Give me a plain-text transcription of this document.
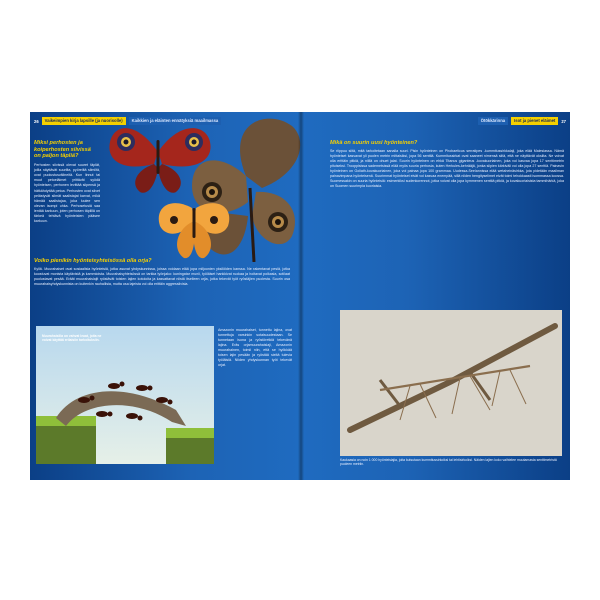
26	Vaikeimpien kirja lapsille (ja nuorisolle)	Kaikkien ja eläinten ennätyksiä maailmassa	Ötökkärinna	Isot ja pienet eläimet	27
Miksi perhosten ja koiperhosten siivissä on paljon täpliä?

Perhosten siivissä olevat suuret täplät, joilla näyttävät suurilta, pyöreiltä silmiltä, ovat puolustusvälineitä. Kun linnut tai muut petoeläimet yrittävät syödä hyönteisen, perhonen levittää siipensä ja hätkähdyttää petoa. Perhosten ovat siivet pelästyvät silmät saalistajat karvat, mikä hämää saalistajaa, joka luulee sen olevan isompi uhka. Perhosetusiä saa lentää karkuun, joten perhosen täplillä on tärkeä tehtävä hyönteisten pääsee karkuun.

Voiko pienikin hyönteisyhteisössä olla orja?

Kyllä. Muurahaiset ovat sosiaalisia hyönteisiä, jotka asuvat yhdyskunnissa, joissa voidaan elää jopa miljoonien yksilöiden kanssa. Ne rakentavat pesiä, jotka koostuvat monista käytävistä ja kammioista. Muurahaisyhteisössä on tarkka työnjako: kuningatar munii, työläiset hankkivat ruokaa ja hoitavat poikasia, sotilaat puolustavat pesää. Eräät muurahaislajit ryöstävät toisten lajien kotoloita ja kasvattavat niistä itselleen orjia, jotka tekevät työt ryöstäjien puolesta. Suurin osa muurahaisyhdyskunnista on kuitenkin rauhallisia, mutta osa lajeista voi olla erittäin aggressiivisia.

Muurahaisilla on vahvat leuat, joita ne voivat käyttää erilaisiin tarkoituksiin.

Amazonin muurahaiset, tunnettu lajina, ovat tunnettuja varsinkin sotaisuudestaan. Se tunnetaan isona ja ryöstöretkiä tekevänä lajina. Eräs orjamuurahaislaji, Amazonin muurahainen, toimii niin, että se hyökkää toisen lajin pesään ja ryöstää sieltä tulevia työläisiä. Niiden yhdyskunnan työt tekevät orjat.

Mikä on suurin uusi hyönteinen?

Se riippuu siitä, mitä tarkoitetaan sanalla suuri. Pisin hyönteinen on Phobaeticus serratipes -kummitussirkkalaji, joka elää Malesiassa. Nämä hyönteiset kasvavat yli puolen metrin mittaisiksi, jopa 56 senttiä. Kummitussirkat ovat saaneet nimensä siitä, että ne näyttävät oksilta. Ne voivat olla erittäin pitkiä, ja niillä on ohuet jalat. Suurin hyönteinen on ehkä Titanus giganteus -kovakuoriainen, joka voi kasvaa jopa 17 senttimetrin pituiseksi. Trooppisissa sademetsissä elää myös suuria perhosia, kuten Herkules-kehrääjä, jonka siipien kärkiväli voi olla jopa 27 senttiä. Painavin hyönteinen on Goliath-kovakuoriainen, joka voi painaa jopa 100 grammaa. Uudessa-Seelannissa elää wetaheinäsirkka, jota pidetään maailman painavimpana hyönteisenä. Suurimmat hyönteiset eivät voi kasvaa enempää, sillä niiden hengityselimet eivät toimi tehokkaasti isommassa koossa. Suomessakin on suuria hyönteisiä: esimerkiksi sudenkorennot, jotka voivat olla jopa kymmenen senttiä pitkiä, ja kovakuoriaisista tammihärkä, joka on Suomen suurimpia kuoriaisia.

Kaukaasia on noin 1 000 hyönteislajia, joita kutsutaan kummitussirkoiksi tai lehtisirkoiksi. Näiden lajien koko vaihtelee muutamasta senttimetristä puoleen metriin.
